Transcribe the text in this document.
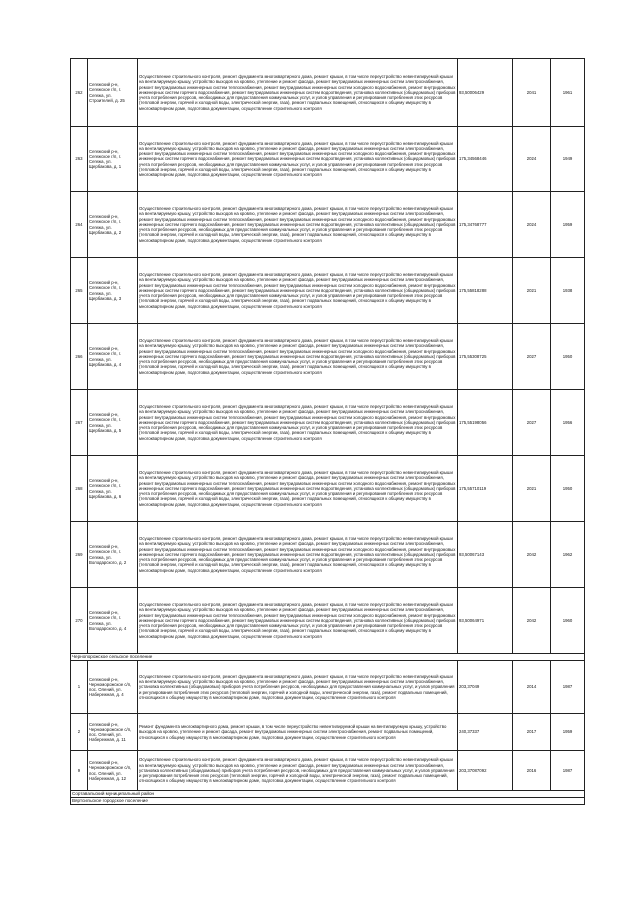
262	Сегежский р-н, Сегежское г/п, г. Сегежа, ул. Строителей, д. 25	Осуществление строительного контроля, ремонт фундамента многоквартирного дома, ремонт крыши, в том числе переустройство невентилируемой крыши на вентилируемую крышу, устройство выходов на кровлю, утепление и ремонт фасада, ремонт внутридомовых инженерных систем электроснабжения, ремонт внутридомовых инженерных систем теплоснабжения, ремонт внутридомовых инженерных систем холодного водоснабжения, ремонт внутридомовых инженерных систем горячего водоснабжения, ремонт внутридомовых инженерных систем водоотведения, установка коллективных (общедомовых) приборов учета потребления ресурсов, необходимых для предоставления коммунальных услуг, и узлов управления и регулирования потребления этих ресурсов (тепловой энергии, горячей и холодной воды, электрической энергии, газа), ремонт подвальных помещений, относящихся к общему имуществу в многоквартирном доме, подготовка документации, осуществление строительного контроля	93,50006429	2041	1961
263	Сегежский р-н, Сегежское г/п, г. Сегежа, ул. Щербакова, д. 1	Осуществление строительного контроля, ремонт фундамента многоквартирного дома, ремонт крыши, в том числе переустройство невентилируемой крыши на вентилируемую крышу, устройство выходов на кровлю, утепление и ремонт фасада, ремонт внутридомовых инженерных систем электроснабжения, ремонт внутридомовых инженерных систем теплоснабжения, ремонт внутридомовых инженерных систем холодного водоснабжения, ремонт внутридомовых инженерных систем горячего водоснабжения, ремонт внутридомовых инженерных систем водоотведения, установка коллективных (общедомовых) приборов учета потребления ресурсов, необходимых для предоставления коммунальных услуг, и узлов управления и регулирования потребления этих ресурсов (тепловой энергии, горячей и холодной воды, электрической энергии, газа), ремонт подвальных помещений, относящихся к общему имуществу в многоквартирном доме, подготовка документации, осуществление строительного контроля	175,34568446	2024	1949
264	Сегежский р-н, Сегежское г/п, г. Сегежа, ул. Щербакова, д. 2	Осуществление строительного контроля, ремонт фундамента многоквартирного дома, ремонт крыши, в том числе переустройство невентилируемой крыши на вентилируемую крышу, устройство выходов на кровлю, утепление и ремонт фасада, ремонт внутридомовых инженерных систем электроснабжения, ремонт внутридомовых инженерных систем теплоснабжения, ремонт внутридомовых инженерных систем холодного водоснабжения, ремонт внутридомовых инженерных систем горячего водоснабжения, ремонт внутридомовых инженерных систем водоотведения, установка коллективных (общедомовых) приборов учета потребления ресурсов, необходимых для предоставления коммунальных услуг, и узлов управления и регулирования потребления этих ресурсов (тепловой энергии, горячей и холодной воды, электрической энергии, газа), ремонт подвальных помещений, относящихся к общему имуществу в многоквартирном доме, подготовка документации, осуществление строительного контроля	175,34768777	2024	1959
265	Сегежский р-н, Сегежское г/п, г. Сегежа, ул. Щербакова, д. 3	Осуществление строительного контроля, ремонт фундамента многоквартирного дома, ремонт крыши, в том числе переустройство невентилируемой крыши на вентилируемую крышу, устройство выходов на кровлю, утепление и ремонт фасада, ремонт внутридомовых инженерных систем электроснабжения, ремонт внутридомовых инженерных систем теплоснабжения, ремонт внутридомовых инженерных систем холодного водоснабжения, ремонт внутридомовых инженерных систем горячего водоснабжения, ремонт внутридомовых инженерных систем водоотведения, установка коллективных (общедомовых) приборов учета потребления ресурсов, необходимых для предоставления коммунальных услуг, и узлов управления и регулирования потребления этих ресурсов (тепловой энергии, горячей и холодной воды, электрической энергии, газа), ремонт подвальных помещений, относящихся к общему имуществу в многоквартирном доме, подготовка документации, осуществление строительного контроля	175,55818288	2021	1938
266	Сегежский р-н, Сегежское г/п, г. Сегежа, ул. Щербакова, д. 4	Осуществление строительного контроля, ремонт фундамента многоквартирного дома, ремонт крыши, в том числе переустройство невентилируемой крыши на вентилируемую крышу, устройство выходов на кровлю, утепление и ремонт фасада, ремонт внутридомовых инженерных систем электроснабжения, ремонт внутридомовых инженерных систем теплоснабжения, ремонт внутридомовых инженерных систем холодного водоснабжения, ремонт внутридомовых инженерных систем горячего водоснабжения, ремонт внутридомовых инженерных систем водоотведения, установка коллективных (общедомовых) приборов учета потребления ресурсов, необходимых для предоставления коммунальных услуг, и узлов управления и регулирования потребления этих ресурсов (тепловой энергии, горячей и холодной воды, электрической энергии, газа), ремонт подвальных помещений, относящихся к общему имуществу в многоквартирном доме, подготовка документации, осуществление строительного контроля	175,55308725	2027	1950
267	Сегежский р-н, Сегежское г/п, г. Сегежа, ул. Щербакова, д. 5	Осуществление строительного контроля, ремонт фундамента многоквартирного дома, ремонт крыши, в том числе переустройство невентилируемой крыши на вентилируемую крышу, устройство выходов на кровлю, утепление и ремонт фасада, ремонт внутридомовых инженерных систем электроснабжения, ремонт внутридомовых инженерных систем теплоснабжения, ремонт внутридомовых инженерных систем холодного водоснабжения, ремонт внутридомовых инженерных систем горячего водоснабжения, ремонт внутридомовых инженерных систем водоотведения, установка коллективных (общедомовых) приборов учета потребления ресурсов, необходимых для предоставления коммунальных услуг, и узлов управления и регулирования потребления этих ресурсов (тепловой энергии, горячей и холодной воды, электрической энергии, газа), ремонт подвальных помещений, относящихся к общему имуществу в многоквартирном доме, подготовка документации, осуществление строительного контроля	175,55198056	2027	1956
268	Сегежский р-н, Сегежское г/п, г. Сегежа, ул. Щербакова, д. 6	Осуществление строительного контроля, ремонт фундамента многоквартирного дома, ремонт крыши, в том числе переустройство невентилируемой крыши на вентилируемую крышу, устройство выходов на кровлю, утепление и ремонт фасада, ремонт внутридомовых инженерных систем электроснабжения, ремонт внутридомовых инженерных систем теплоснабжения, ремонт внутридомовых инженерных систем холодного водоснабжения, ремонт внутридомовых инженерных систем горячего водоснабжения, ремонт внутридомовых инженерных систем водоотведения, установка коллективных (общедомовых) приборов учета потребления ресурсов, необходимых для предоставления коммунальных услуг, и узлов управления и регулирования потребления этих ресурсов (тепловой энергии, горячей и холодной воды, электрической энергии, газа), ремонт подвальных помещений, относящихся к общему имуществу в многоквартирном доме, подготовка документации, осуществление строительного контроля	175,55710119	2021	1950
269	Сегежский р-н, Сегежское г/п, г. Сегежа, ул. Володарского, д. 2	Осуществление строительного контроля, ремонт фундамента многоквартирного дома, ремонт крыши, в том числе переустройство невентилируемой крыши на вентилируемую крышу, устройство выходов на кровлю, утепление и ремонт фасада, ремонт внутридомовых инженерных систем электроснабжения, ремонт внутридомовых инженерных систем теплоснабжения, ремонт внутридомовых инженерных систем холодного водоснабжения, ремонт внутридомовых инженерных систем горячего водоснабжения, ремонт внутридомовых инженерных систем водоотведения, установка коллективных (общедомовых) приборов учета потребления ресурсов, необходимых для предоставления коммунальных услуг, и узлов управления и регулирования потребления этих ресурсов (тепловой энергии, горячей и холодной воды, электрической энергии, газа), ремонт подвальных помещений, относящихся к общему имуществу в многоквартирном доме, подготовка документации, осуществление строительного контроля	93,50067143	2042	1962
270	Сегежский р-н, Сегежское г/п, г. Сегежа, ул. Володарского, д. 4	Осуществление строительного контроля, ремонт фундамента многоквартирного дома, ремонт крыши, в том числе переустройство невентилируемой крыши на вентилируемую крышу, устройство выходов на кровлю, утепление и ремонт фасада, ремонт внутридомовых инженерных систем электроснабжения, ремонт внутридомовых инженерных систем теплоснабжения, ремонт внутридомовых инженерных систем холодного водоснабжения, ремонт внутридомовых инженерных систем горячего водоснабжения, ремонт внутридомовых инженерных систем водоотведения, установка коллективных (общедомовых) приборов учета потребления ресурсов, необходимых для предоставления коммунальных услуг, и узлов управления и регулирования потребления этих ресурсов (тепловой энергии, горячей и холодной воды, электрической энергии, газа), ремонт подвальных помещений, относящихся к общему имуществу в многоквартирном доме, подготовка документации, осуществление строительного контроля	93,50064971	2042	1960
Чернопорожское сельское поселение					
1	Сегежский р-н, Черноморожское с/п, пос. Олений, ул. Набережная, д. 4	Осуществление строительного контроля, ремонт фундамента многоквартирного дома, ремонт крыши, в том числе переустройство невентилируемой крыши на вентилируемую крышу, устройство выходов на кровлю, утепление и ремонт фасада, ремонт внутридомовых инженерных систем электроснабжения, установка коллективных (общедомовых) приборов учета потребления ресурсов, необходимых для предоставления коммунальных услуг, и узлов управления и регулирования потребления этих ресурсов (тепловой энергии, горячей и холодной воды, электрической энергии, газа), ремонт подвальных помещений, относящихся к общему имуществу в многоквартирном доме, подготовка документации, осуществление строительного контроля	203,37049	2014	1987
2	Сегежский р-н, Черноморожское с/п, пос. Олений, ул. Набережная, д. 11	Ремонт фундамента многоквартирного дома, ремонт крыши, в том числе переустройство невентилируемой крыши на вентилируемую крышу, устройство выходов на кровлю, утепление и ремонт фасада, ремонт внутридомовых инженерных систем электроснабжения, ремонт подвальных помещений, относящихся к общему имуществу в многоквартирном доме, подготовка документации, осуществление строительного контроля	240,37337	2017	1959
9	Сегежский р-н, Черноморожское с/п, пос. Олений, ул. Набережная, д. 12	Осуществление строительного контроля, ремонт фундамента многоквартирного дома, ремонт крыши, в том числе переустройство невентилируемой крыши на вентилируемую крышу, устройство выходов на кровлю, утепление и ремонт фасада, ремонт внутридомовых инженерных систем электроснабжения, установка коллективных (общедомовых) приборов учета потребления ресурсов, необходимых для предоставления коммунальных услуг, и узлов управления и регулирования потребления этих ресурсов (тепловой энергии, горячей и холодной воды, электрической энергии, газа), ремонт подвальных помещений, относящихся к общему имуществу в многоквартирном доме, подготовка документации, осуществление строительного контроля	203,37087092	2016	1987
Сортавальский муниципальный район					
Вяртсильское городское поселение					
